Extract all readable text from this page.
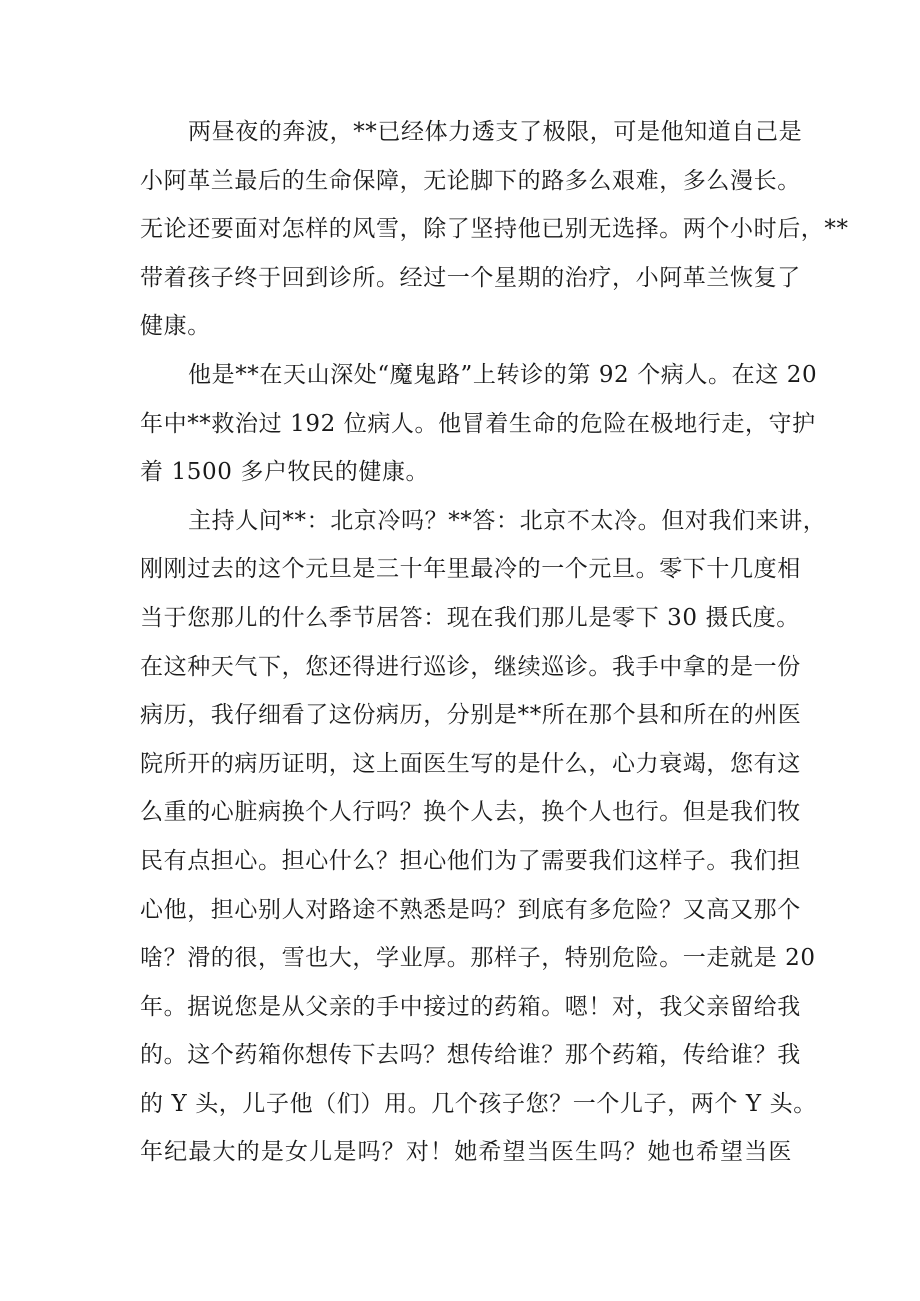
两昼夜的奔波，**已经体力透支了极限，可是他知道自己是
小阿革兰最后的生命保障，无论脚下的路多么艰难，多么漫长。
无论还要面对怎样的风雪，除了坚持他已别无选择。两个小时后，**
带着孩子终于回到诊所。经过一个星期的治疗，小阿革兰恢复了
健康。
他是**在天山深处“魔鬼路”上转诊的第 92 个病人。在这 20
年中**救治过 192 位病人。他冒着生命的危险在极地行走，守护
着 1500 多户牧民的健康。
主持人问**：北京冷吗？**答：北京不太冷。但对我们来讲，
刚刚过去的这个元旦是三十年里最冷的一个元旦。零下十几度相
当于您那儿的什么季节居答：现在我们那儿是零下 30 摄氏度。
在这种天气下，您还得进行巡诊，继续巡诊。我手中拿的是一份
病历，我仔细看了这份病历，分别是**所在那个县和所在的州医
院所开的病历证明，这上面医生写的是什么，心力衰竭，您有这
么重的心脏病换个人行吗？换个人去，换个人也行。但是我们牧
民有点担心。担心什么？担心他们为了需要我们这样子。我们担
心他，担心别人对路途不熟悉是吗？到底有多危险？又高又那个
啥？滑的很，雪也大，学业厚。那样子，特别危险。一走就是 20
年。据说您是从父亲的手中接过的药箱。嗯！对，我父亲留给我
的。这个药箱你想传下去吗？想传给谁？那个药箱，传给谁？我
的 Y 头，儿子他（们）用。几个孩子您？一个儿子，两个 Y 头。
年纪最大的是女儿是吗？对！她希望当医生吗？她也希望当医
